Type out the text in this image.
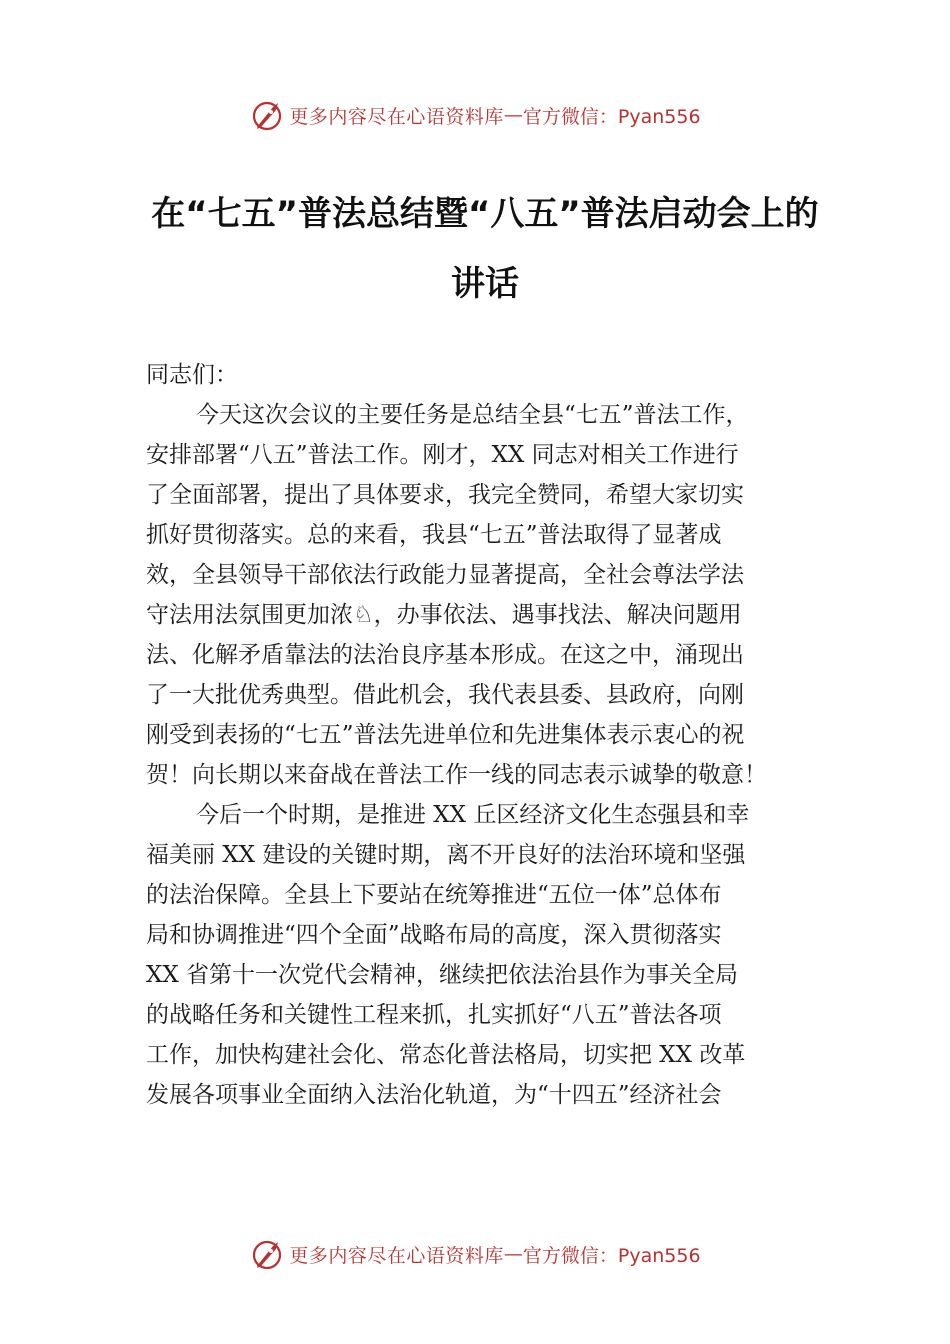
更多内容尽在心语资料库 — 官方微信：Pyan556
在“七五”普法总结暨“八五”普法启动会上的
讲话
同志们：
今天这次会议的主要任务是总结全县“七五”普法工作，
安排部署“八五”普法工作。刚才，XX 同志对相关工作进行
了全面部署，提出了具体要求，我完全赞同，希望大家切实
抓好贯彻落实。总的来看，我县“七五”普法取得了显著成
效，全县领导干部依法行政能力显著提高，全社会尊法学法
守法用法氛围更加浓♘，办事依法、遇事找法、解决问题用
法、化解矛盾靠法的法治良序基本形成。在这之中，涌现出
了一大批优秀典型。借此机会，我代表县委、县政府，向刚
刚受到表扬的“七五”普法先进单位和先进集体表示衷心的祝
贺！向长期以来奋战在普法工作一线的同志表示诚挚的敬意！
今后一个时期，是推进 XX 丘区经济文化生态强县和幸
福美丽 XX 建设的关键时期，离不开良好的法治环境和坚强
的法治保障。全县上下要站在统筹推进“五位一体”总体布
局和协调推进“四个全面”战略布局的高度，深入贯彻落实
XX 省第十一次党代会精神，继续把依法治县作为事关全局
的战略任务和关键性工程来抓，扎实抓好“八五”普法各项
工作，加快构建社会化、常态化普法格局，切实把 XX 改革
发展各项事业全面纳入法治化轨道，为“十四五”经济社会
更多内容尽在心语资料库 — 官方微信：Pyan556
